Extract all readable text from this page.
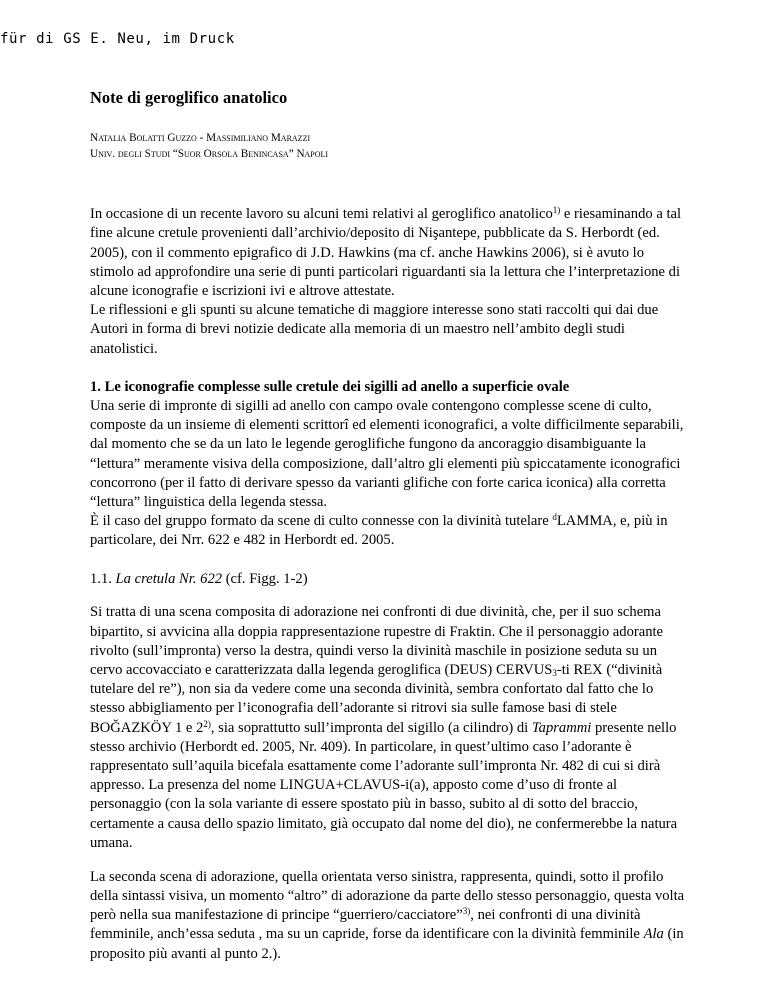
für di GS E. Neu, im Druck
Note di geroglifico anatolico
Natalia Bolatti Guzzo - Massimiliano Marazzi
Univ. degli Studi “Suor Orsola Benincasa” Napoli

In occasione di un recente lavoro su alcuni temi relativi al geroglifico anatolico$^{1)}$ e riesaminando a tal fine alcune cretule provenienti dall’archivio/deposito di Nişantepe, pubblicate da S. Herbordt (ed. 2005), con il commento epigrafico di J.D. Hawkins (ma cf. anche Hawkins 2006), si è avuto lo stimolo ad approfondire una serie di punti particolari riguardanti sia la lettura che l’interpretazione di alcune iconografie e iscrizioni ivi e altrove attestate.

Le riflessioni e gli spunti su alcune tematiche di maggiore interesse sono stati raccolti qui dai due Autori in forma di brevi notizie dedicate alla memoria di un maestro nell’ambito degli studi anatolistici.

1. Le iconografie complesse sulle cretule dei sigilli ad anello a superficie ovale

Una serie di impronte di sigilli ad anello con campo ovale contengono complesse scene di culto, composte da un insieme di elementi scrittorî ed elementi iconografici, a volte difficilmente separabili, dal momento che se da un lato le legende geroglifiche fungono da ancoraggio disambiguante la “lettura” meramente visiva della composizione, dall’altro gli elementi più spiccatamente iconografici concorrono (per il fatto di derivare spesso da varianti glifiche con forte carica iconica) alla corretta “lettura” linguistica della legenda stessa.

È il caso del gruppo formato da scene di culto connesse con la divinità tutelare $^d$LAMMA, e, più in particolare, dei Nrr. 622 e 482 in Herbordt ed. 2005.

1.1. La cretula Nr. 622 (cf. Figg. 1-2)

Si tratta di una scena composita di adorazione nei confronti di due divinità, che, per il suo schema bipartito, si avvicina alla doppia rappresentazione rupestre di Fraktin. Che il personaggio adorante rivolto (sull’impronta) verso la destra, quindi verso la divinità maschile in posizione seduta su un cervo accovacciato e caratterizzata dalla legenda geroglifica (DEUS) $CERVUS_3-ti$ REX (“divinità tutelare del re”), non sia da vedere come una seconda divinità, sembra confortato dal fatto che lo stesso abbigliamento per l’iconografia dell’adorante si ritrovi sia sulle famose basi di stele BOĞAZKÖY 1 e 2$^{2)}$, sia soprattutto sull’impronta del sigillo (a cilindro) di Taprammi presente nello stesso archivio (Herbordt ed. 2005, Nr. 409). In particolare, in quest’ultimo caso l’adorante è rappresentato sull’aquila bicefala esattamente come l’adorante sull’impronta Nr. 482 di cui si dirà appresso. La presenza del nome LINGUA+CLAVUS-i(a), apposto come d’uso di fronte al personaggio (con la sola variante di essere spostato più in basso, subito al di sotto del braccio, certamente a causa dello spazio limitato, già occupato dal nome del dio), ne confermerebbe la natura umana.

La seconda scena di adorazione, quella orientata verso sinistra, rappresenta, quindi, sotto il profilo della sintassi visiva, un momento “altro” di adorazione da parte dello stesso personaggio, questa volta però nella sua manifestazione di principe “guerriero/cacciatore”$^{3)}$, nei confronti di una divinità femminile, anch’essa seduta , ma su un capride, forse da identificare con la divinità femminile Ala (in proposito più avanti al punto 2.).
